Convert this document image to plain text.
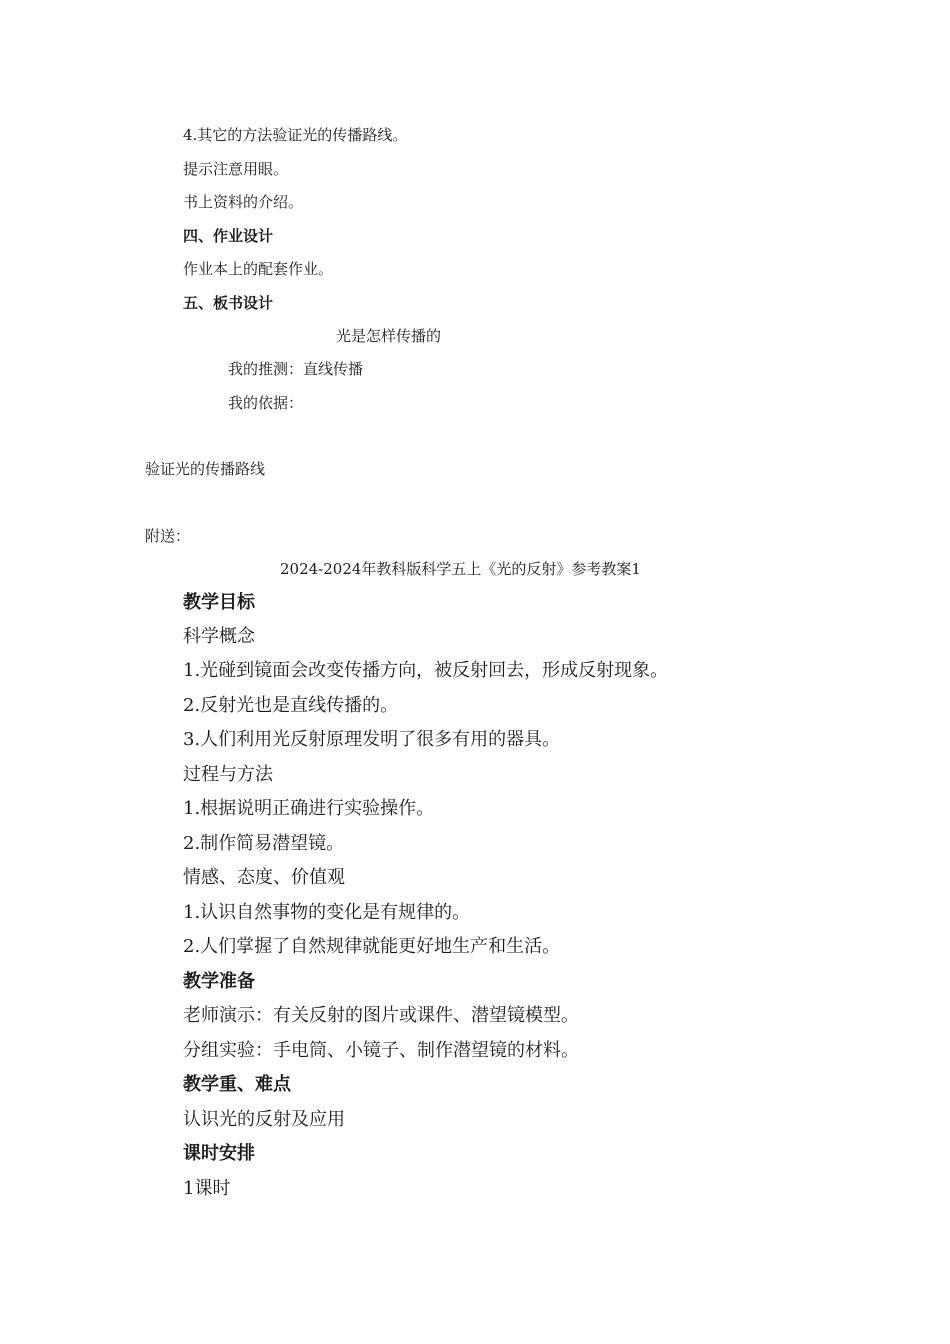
4.其它的方法验证光的传播路线。
提示注意用眼。
书上资料的介绍。
四、作业设计
作业本上的配套作业。
五、板书设计
光是怎样传播的
我的推测：直线传播
我的依据：
验证光的传播路线
附送：
2024-2024年教科版科学五上《光的反射》参考教案1
教学目标
科学概念
1.光碰到镜面会改变传播方向，被反射回去，形成反射现象。
2.反射光也是直线传播的。
3.人们利用光反射原理发明了很多有用的器具。
过程与方法
1.根据说明正确进行实验操作。
2.制作简易潜望镜。
情感、态度、价值观
1.认识自然事物的变化是有规律的。
2.人们掌握了自然规律就能更好地生产和生活。
教学准备
老师演示：有关反射的图片或课件、潜望镜模型。
分组实验：手电筒、小镜子、制作潜望镜的材料。
教学重、难点
认识光的反射及应用
课时安排
1课时
